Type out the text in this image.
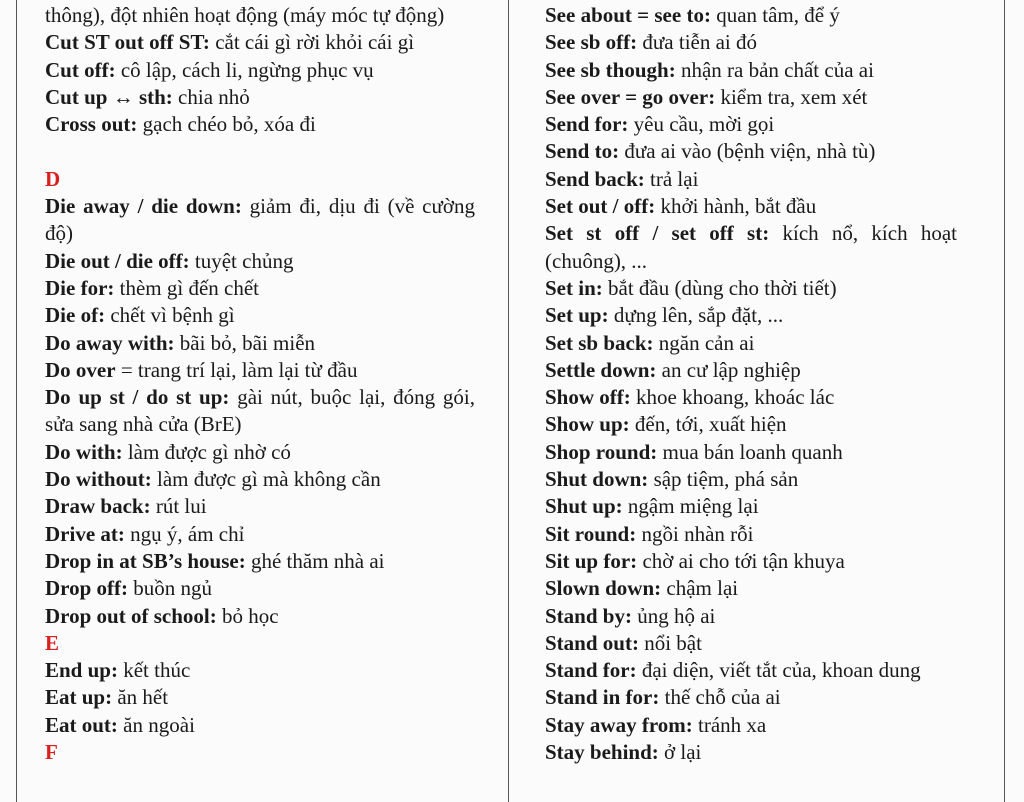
thông), đột nhiên hoạt động (máy móc tự động)

Cut ST out off ST: cắt cái gì rời khỏi cái gì

Cut off: cô lập, cách li, ngừng phục vụ

Cut up ↔ sth: chia nhỏ

Cross out: gạch chéo bỏ, xóa đi

D

Die away / die down: giảm đi, dịu đi (về cường độ)

Die out / die off: tuyệt chủng

Die for: thèm gì đến chết

Die of: chết vì bệnh gì

Do away with: bãi bỏ, bãi miễn

Do over = trang trí lại, làm lại từ đầu

Do up st / do st up: gài nút, buộc lại, đóng gói, sửa sang nhà cửa (BrE)

Do with: làm được gì nhờ có

Do without: làm được gì mà không cần

Draw back: rút lui

Drive at: ngụ ý, ám chỉ

Drop in at SB’s house: ghé thăm nhà ai

Drop off: buồn ngủ

Drop out of school: bỏ học

E

End up: kết thúc

Eat up: ăn hết

Eat out: ăn ngoài

F

See about = see to: quan tâm, để ý

See sb off: đưa tiễn ai đó

See sb though: nhận ra bản chất của ai

See over = go over: kiểm tra, xem xét

Send for: yêu cầu, mời gọi

Send to: đưa ai vào (bệnh viện, nhà tù)

Send back: trả lại

Set out / off: khởi hành, bắt đầu

Set st off / set off st: kích nổ, kích hoạt (chuông), ...

Set in: bắt đầu (dùng cho thời tiết)

Set up: dựng lên, sắp đặt, ...

Set sb back: ngăn cản ai

Settle down: an cư lập nghiệp

Show off: khoe khoang, khoác lác

Show up: đến, tới, xuất hiện

Shop round: mua bán loanh quanh

Shut down: sập tiệm, phá sản

Shut up: ngậm miệng lại

Sit round: ngồi nhàn rỗi

Sit up for: chờ ai cho tới tận khuya

Slown down: chậm lại

Stand by: ủng hộ ai

Stand out: nổi bật

Stand for: đại diện, viết tắt của, khoan dung

Stand in for: thế chỗ của ai

Stay away from: tránh xa

Stay behind: ở lại
